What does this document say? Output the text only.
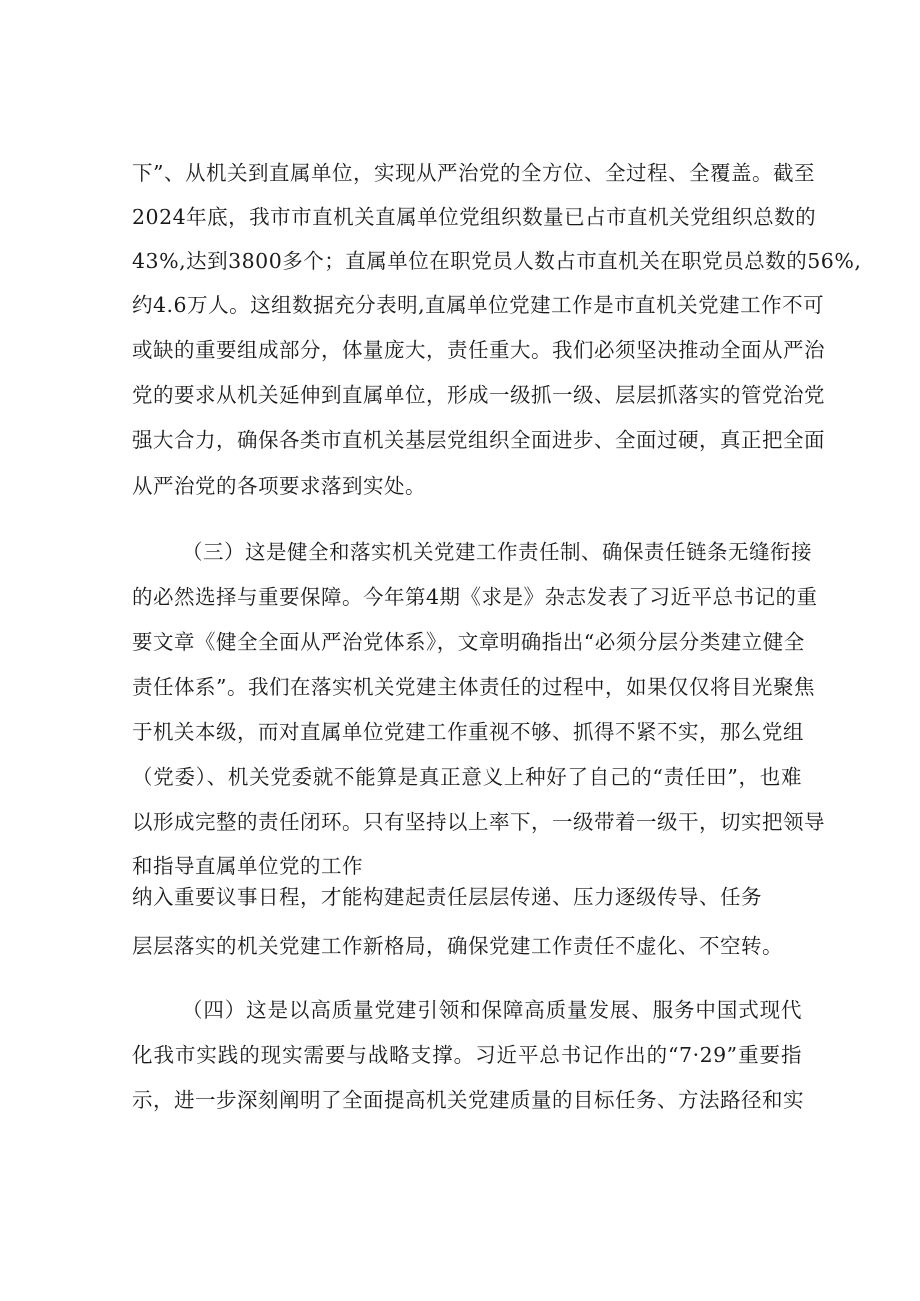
下”、从机关到直属单位，实现从严治党的全方位、全过程、全覆盖。截至
2024年底，我市市直机关直属单位党组织数量已占市直机关党组织总数的
43%,达到3800多个；直属单位在职党员人数占市直机关在职党员总数的56%,
约4.6万人。这组数据充分表明,直属单位党建工作是市直机关党建工作不可
或缺的重要组成部分，体量庞大，责任重大。我们必须坚决推动全面从严治
党的要求从机关延伸到直属单位，形成一级抓一级、层层抓落实的管党治党
强大合力，确保各类市直机关基层党组织全面进步、全面过硬，真正把全面
从严治党的各项要求落到实处。
（三）这是健全和落实机关党建工作责任制、确保责任链条无缝衔接
的必然选择与重要保障。今年第4期《求是》杂志发表了习近平总书记的重
要文章《健全全面从严治党体系》，文章明确指出“必须分层分类建立健全
责任体系”。我们在落实机关党建主体责任的过程中，如果仅仅将目光聚焦
于机关本级，而对直属单位党建工作重视不够、抓得不紧不实，那么党组
（党委）、机关党委就不能算是真正意义上种好了自己的“责任田”，也难
以形成完整的责任闭环。只有坚持以上率下，一级带着一级干，切实把领导
和指导直属单位党的工作
纳入重要议事日程，才能构建起责任层层传递、压力逐级传导、任务
层层落实的机关党建工作新格局，确保党建工作责任不虚化、不空转。
（四）这是以高质量党建引领和保障高质量发展、服务中国式现代
化我市实践的现实需要与战略支撑。习近平总书记作出的“7·29”重要指
示，进一步深刻阐明了全面提高机关党建质量的目标任务、方法路径和实
